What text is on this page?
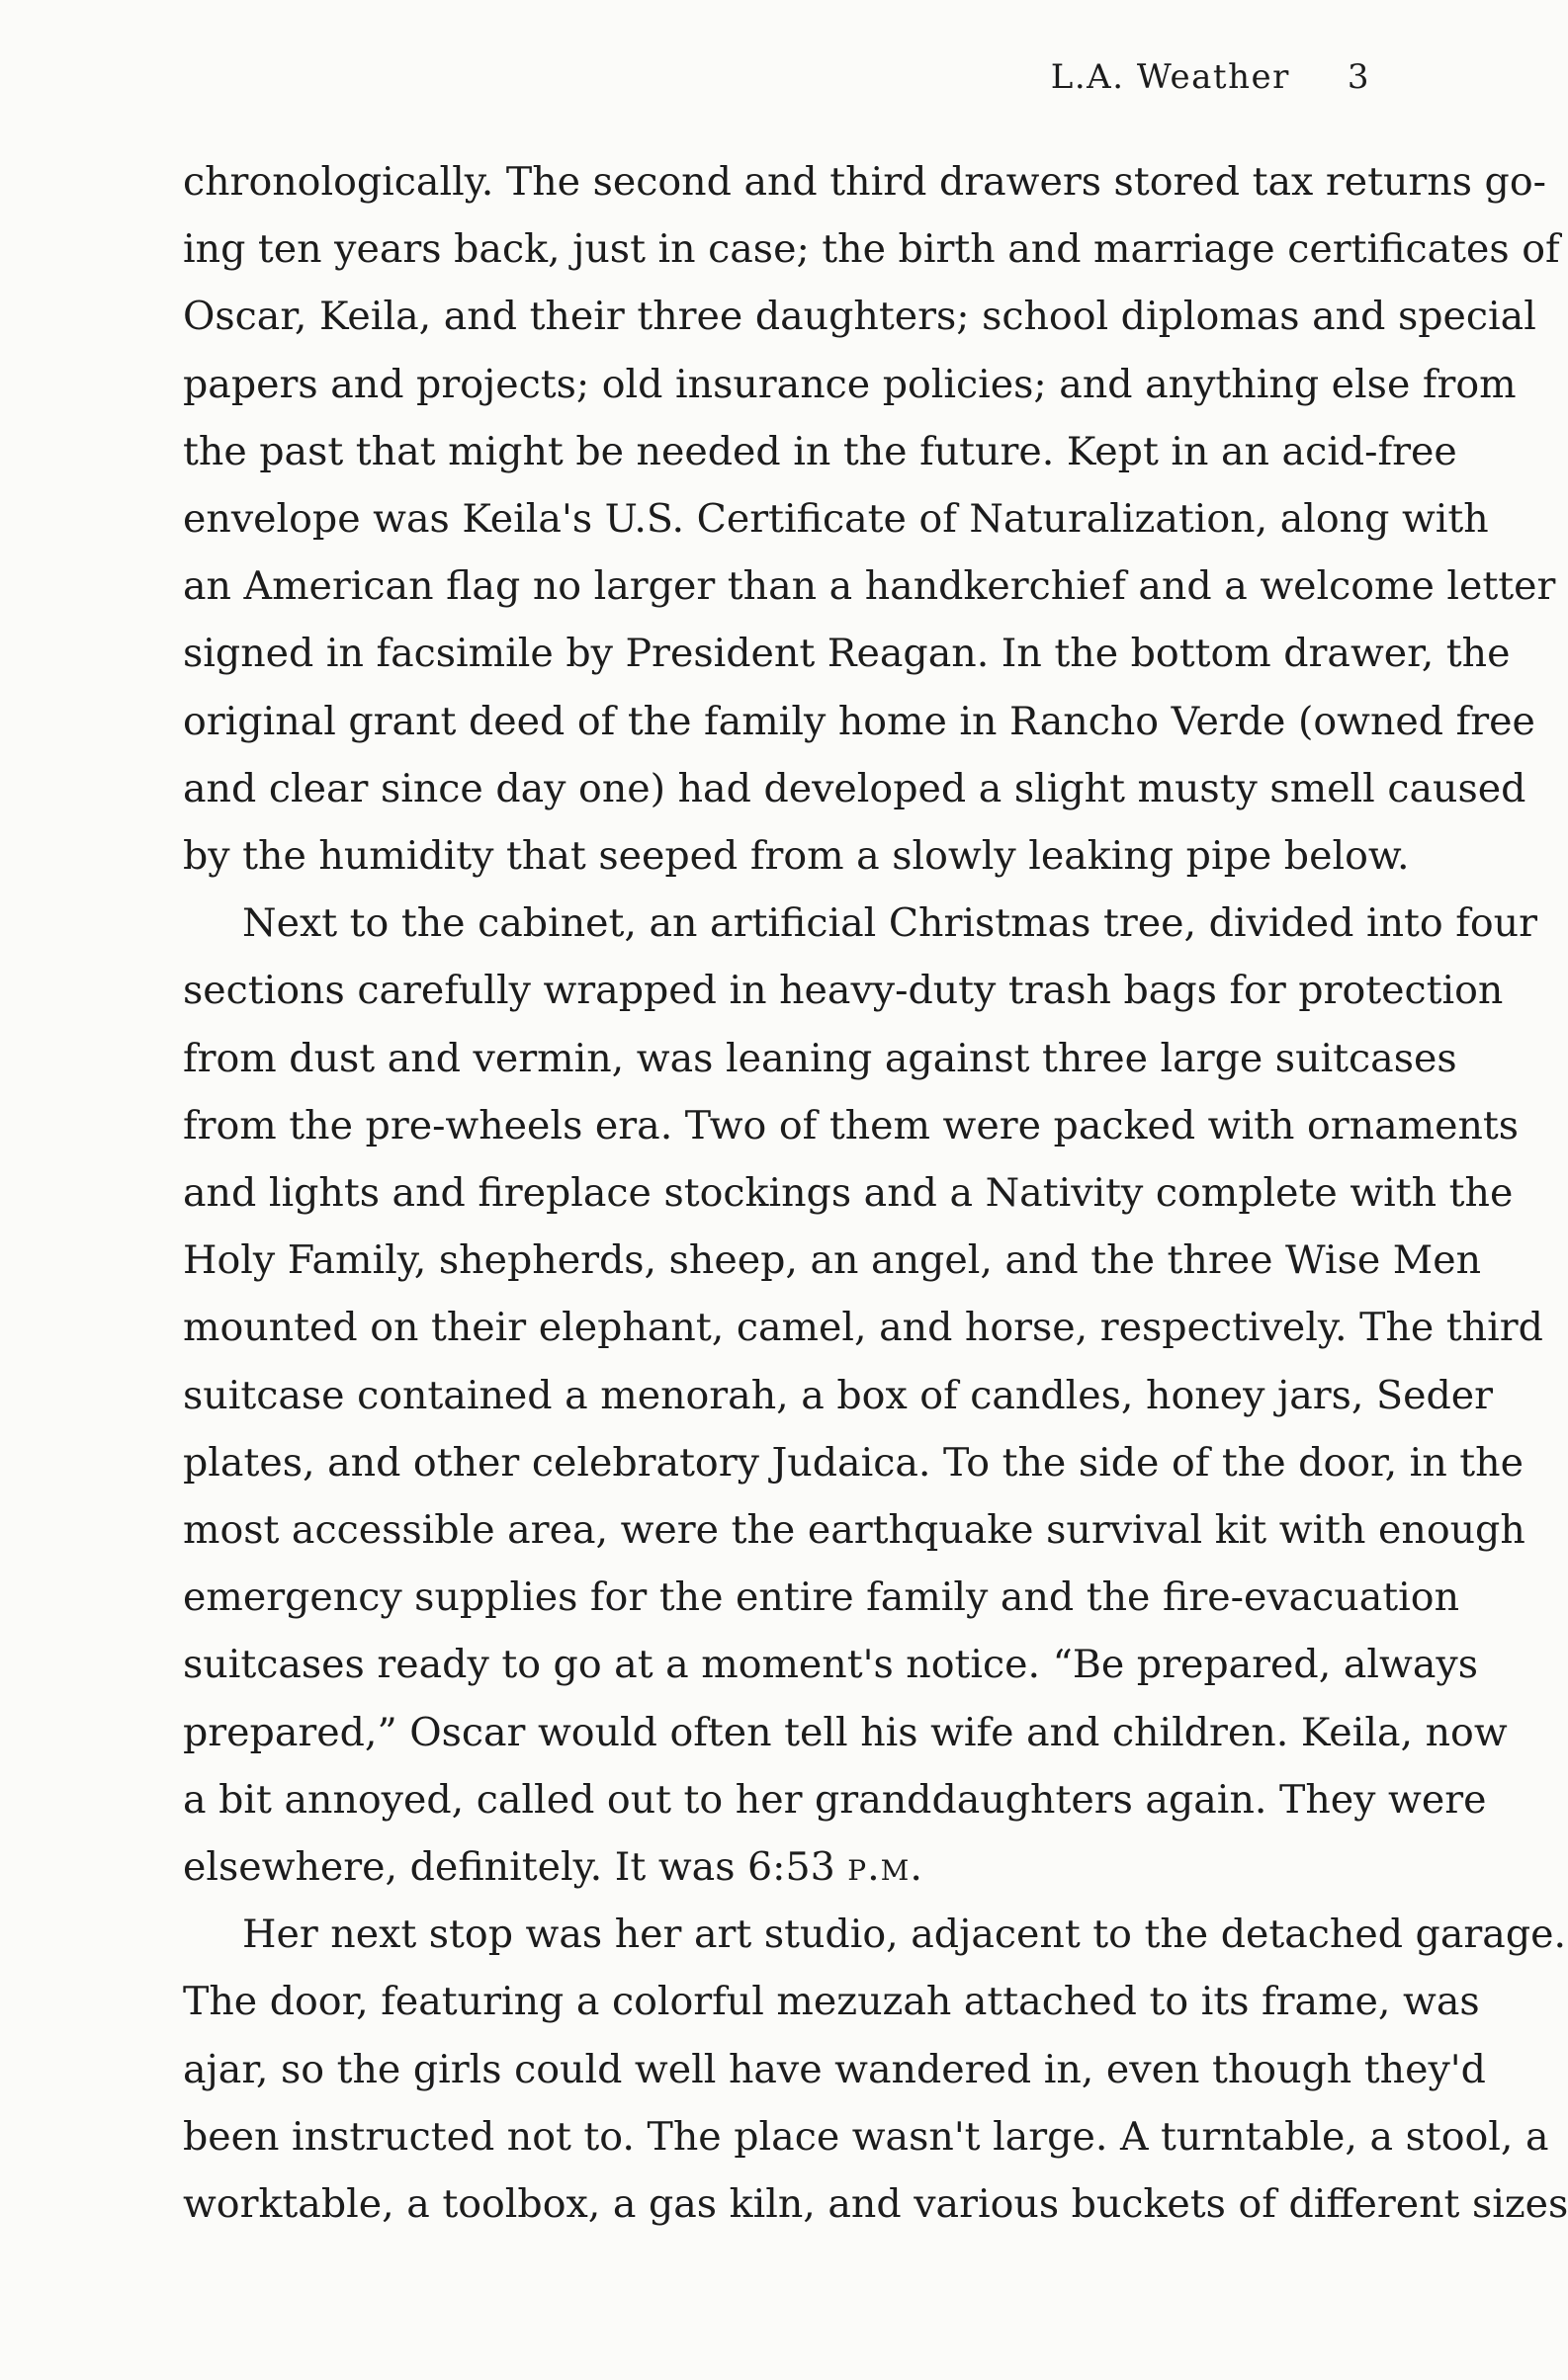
L.A. Weather 3
chronologically. The second and third drawers stored tax returns go-
ing ten years back, just in case; the birth and marriage certificates of
Oscar, Keila, and their three daughters; school diplomas and special
papers and projects; old insurance policies; and anything else from
the past that might be needed in the future. Kept in an acid-free
envelope was Keila's U.S. Certificate of Naturalization, along with
an American flag no larger than a handkerchief and a welcome letter
signed in facsimile by President Reagan. In the bottom drawer, the
original grant deed of the family home in Rancho Verde (owned free
and clear since day one) had developed a slight musty smell caused
by the humidity that seeped from a slowly leaking pipe below.
Next to the cabinet, an artificial Christmas tree, divided into four
sections carefully wrapped in heavy-duty trash bags for protection
from dust and vermin, was leaning against three large suitcases
from the pre-wheels era. Two of them were packed with ornaments
and lights and fireplace stockings and a Nativity complete with the
Holy Family, shepherds, sheep, an angel, and the three Wise Men
mounted on their elephant, camel, and horse, respectively. The third
suitcase contained a menorah, a box of candles, honey jars, Seder
plates, and other celebratory Judaica. To the side of the door, in the
most accessible area, were the earthquake survival kit with enough
emergency supplies for the entire family and the fire-evacuation
suitcases ready to go at a moment's notice. “Be prepared, always
prepared,” Oscar would often tell his wife and children. Keila, now
a bit annoyed, called out to her granddaughters again. They were
elsewhere, definitely. It was 6:53 p.m.
Her next stop was her art studio, adjacent to the detached garage.
The door, featuring a colorful mezuzah attached to its frame, was
ajar, so the girls could well have wandered in, even though they'd
been instructed not to. The place wasn't large. A turntable, a stool, a
worktable, a toolbox, a gas kiln, and various buckets of different sizes
